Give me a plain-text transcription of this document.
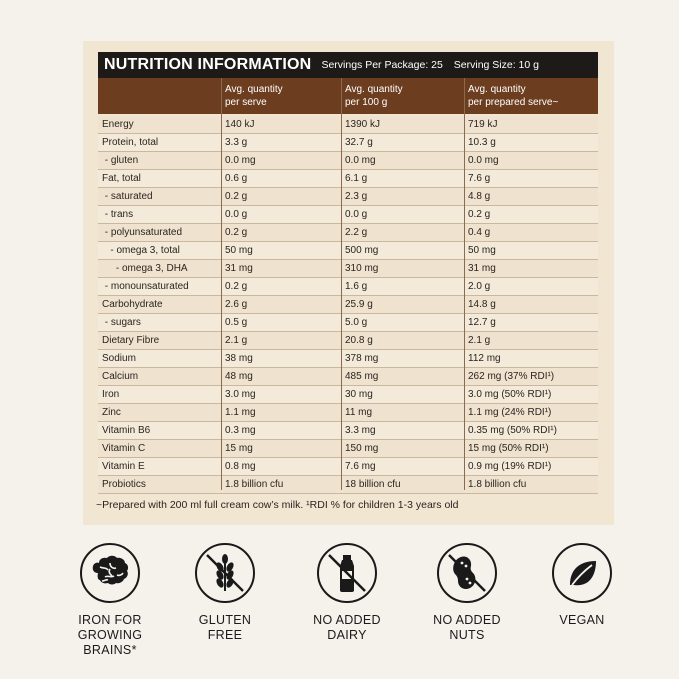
NUTRITION INFORMATION Servings Per Package: 25 Serving Size: 10 g
Avg. quantity
per serve
Avg. quantity
per 100 g
Avg. quantity
per prepared serve~
Energy	140 kJ	1390 kJ	719 kJ
Protein, total	3.3 g	32.7 g	10.3 g
- gluten	0.0 mg	0.0 mg	0.0 mg
Fat, total	0.6 g	6.1 g	7.6 g
- saturated	0.2 g	2.3 g	4.8 g
- trans	0.0 g	0.0 g	0.2 g
- polyunsaturated	0.2 g	2.2 g	0.4 g
- omega 3, total	50 mg	500 mg	50 mg
- omega 3, DHA	31 mg	310 mg	31 mg
- monounsaturated	0.2 g	1.6 g	2.0 g
Carbohydrate	2.6 g	25.9 g	14.8 g
- sugars	0.5 g	5.0 g	12.7 g
Dietary Fibre	2.1 g	20.8 g	2.1 g
Sodium	38 mg	378 mg	112 mg
Calcium	48 mg	485 mg	262 mg (37% RDI¹)
Iron	3.0 mg	30 mg	3.0 mg (50% RDI¹)
Zinc	1.1 mg	11 mg	1.1 mg (24% RDI¹)
Vitamin B6	0.3 mg	3.3 mg	0.35 mg (50% RDI¹)
Vitamin C	15 mg	150 mg	15 mg (50% RDI¹)
Vitamin E	0.8 mg	7.6 mg	0.9 mg (19% RDI¹)
Probiotics	1.8 billion cfu	18 billion cfu	1.8 billion cfu
~Prepared with 200 ml full cream cow’s milk. ¹RDI % for children 1-3 years old
IRON FOR
GROWING BRAINS*
GLUTEN
FREE
NO ADDED
DAIRY
NO ADDED
NUTS
VEGAN
